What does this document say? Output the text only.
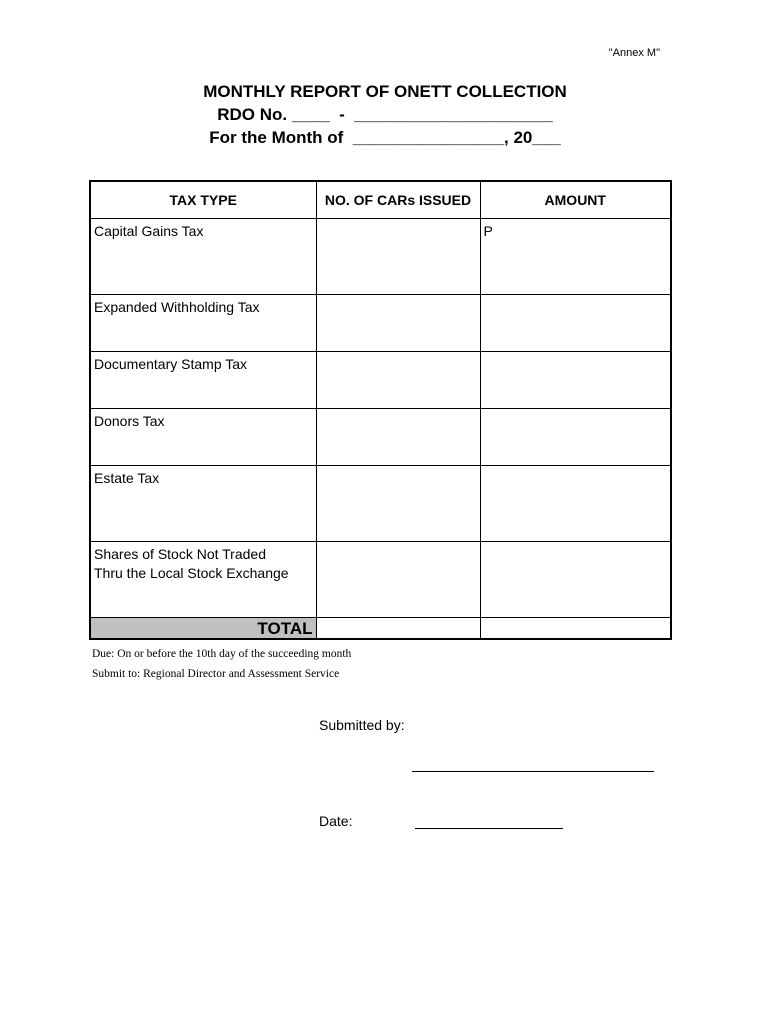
"Annex M"
MONTHLY REPORT OF ONETT COLLECTION
RDO No. ____  -  _____________________
For the Month of  ________________, 20___
TAX TYPE	NO. OF CARs ISSUED	AMOUNT
Capital Gains Tax		P
Expanded Withholding Tax		
Documentary Stamp Tax		
Donors Tax		
Estate Tax		
Shares of Stock Not Traded
Thru the Local Stock Exchange		
TOTAL		
Due: On or before the 10th day of the succeeding month
Submit to: Regional Director and Assessment Service
Submitted by:
Date:
